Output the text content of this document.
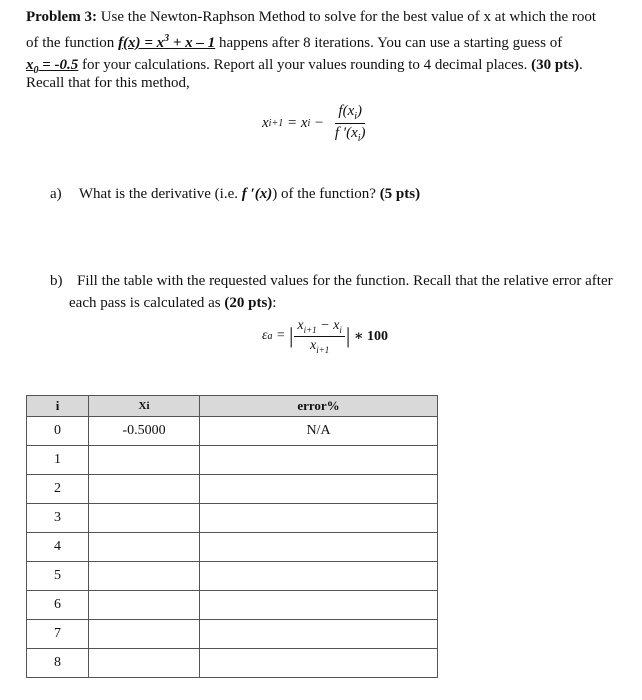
Problem 3: Use the Newton-Raphson Method to solve for the best value of x at which the root

of the function $f(x) = x^3 + x - 1$ happens after 8 iterations. You can use a starting guess of

$x_0 = -0.5$ for your calculations. Report all your values rounding to 4 decimal places. (30 pts).

Recall that for this method,

x i+1 = x $i - \frac{f(x_i)}{f '(x_i)}$

a) What is the derivative (i.e. f ′(x)) of the function? (5 pts)

b) Fill the table with the requested values for the function. Recall that the relative error after

each pass is calculated as (20 pts):

ε a = | $\frac{x_{i+1} - x_i}{x_{i+1}}$ | ∗ 100
i	Xi	error%
0	-0.5000	N/A
1		
2		
3		
4		
5		
6		
7		
8		
